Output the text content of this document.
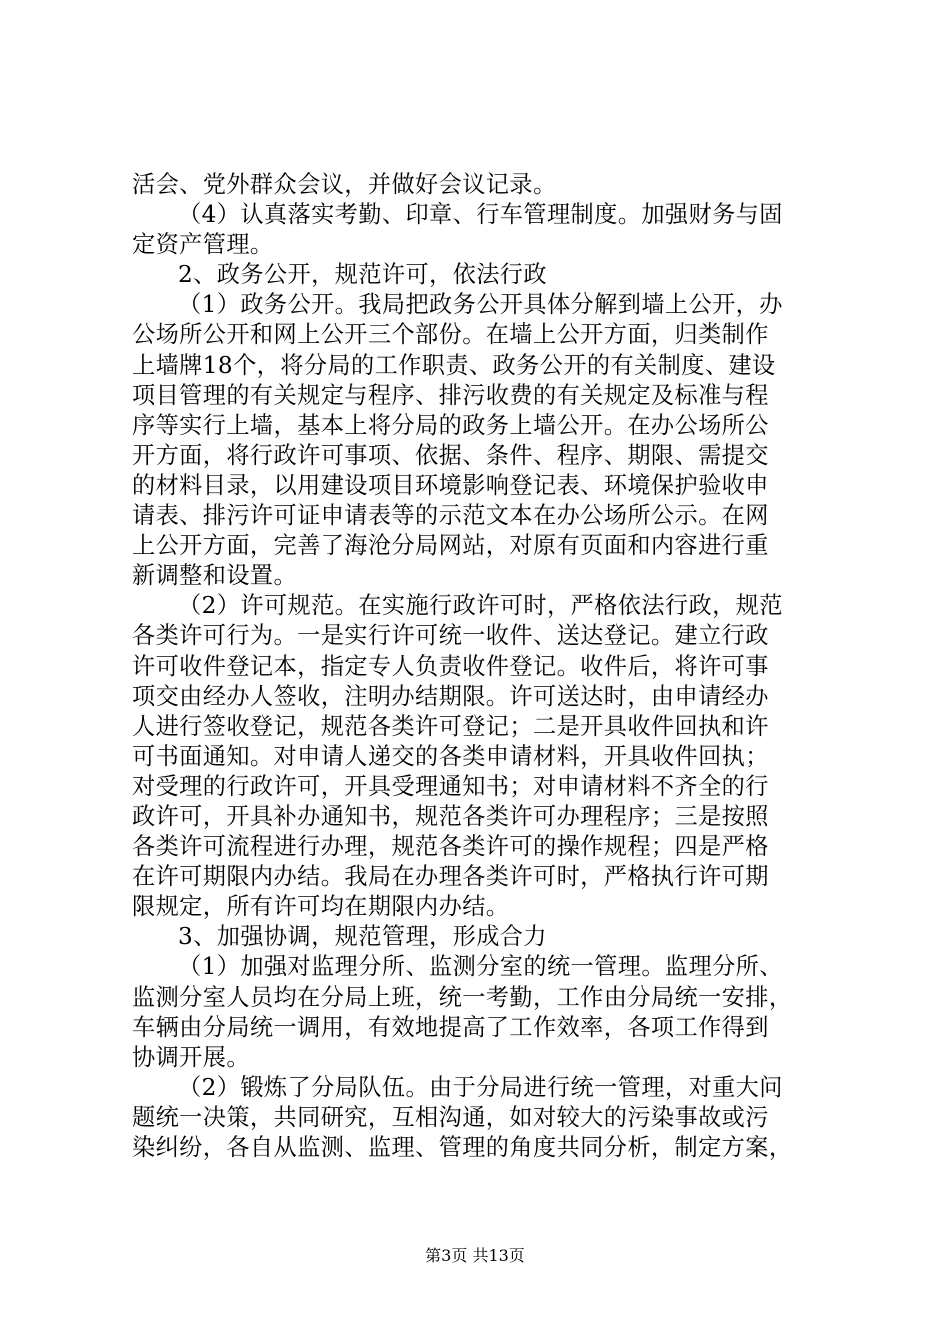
活会、党外群众会议，并做好会议记录。
（4）认真落实考勤、印章、行车管理制度。加强财务与固
定资产管理。
2、政务公开，规范许可，依法行政
（1）政务公开。我局把政务公开具体分解到墙上公开，办
公场所公开和网上公开三个部份。在墙上公开方面，归类制作
上墙牌18个，将分局的工作职责、政务公开的有关制度、建设
项目管理的有关规定与程序、排污收费的有关规定及标准与程
序等实行上墙，基本上将分局的政务上墙公开。在办公场所公
开方面，将行政许可事项、依据、条件、程序、期限、需提交
的材料目录，以用建设项目环境影响登记表、环境保护验收申
请表、排污许可证申请表等的示范文本在办公场所公示。在网
上公开方面，完善了海沧分局网站，对原有页面和内容进行重
新调整和设置。
（2）许可规范。在实施行政许可时，严格依法行政，规范
各类许可行为。一是实行许可统一收件、送达登记。建立行政
许可收件登记本，指定专人负责收件登记。收件后，将许可事
项交由经办人签收，注明办结期限。许可送达时，由申请经办
人进行签收登记，规范各类许可登记；二是开具收件回执和许
可书面通知。对申请人递交的各类申请材料，开具收件回执；
对受理的行政许可，开具受理通知书；对申请材料不齐全的行
政许可，开具补办通知书，规范各类许可办理程序；三是按照
各类许可流程进行办理，规范各类许可的操作规程；四是严格
在许可期限内办结。我局在办理各类许可时，严格执行许可期
限规定，所有许可均在期限内办结。
3、加强协调，规范管理，形成合力
（1）加强对监理分所、监测分室的统一管理。监理分所、
监测分室人员均在分局上班，统一考勤，工作由分局统一安排，
车辆由分局统一调用，有效地提高了工作效率，各项工作得到
协调开展。
（2）锻炼了分局队伍。由于分局进行统一管理，对重大问
题统一决策，共同研究，互相沟通，如对较大的污染事故或污
染纠纷，各自从监测、监理、管理的角度共同分析，制定方案，
第3页 共13页
